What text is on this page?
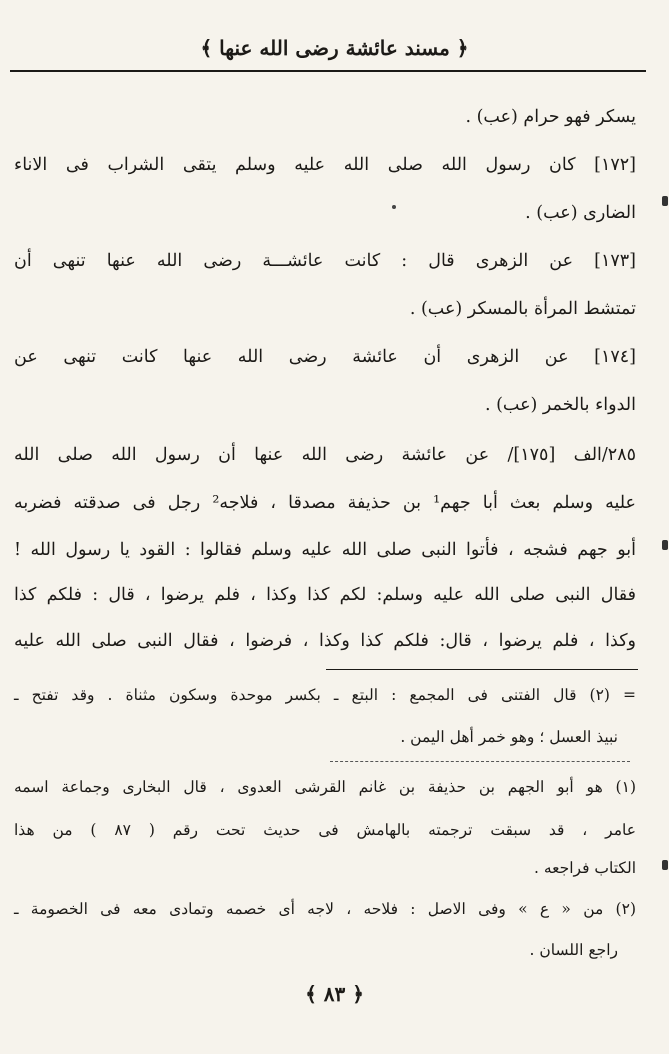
﴿ مسند عائشة رضى الله عنها ﴾
يسكر فهو حرام (عب) .
[١٧٢] كان رسول الله صلى الله عليه وسلم يتقى الشراب فى الاناء
الضارى (عب) .
[١٧٣] عن الزهرى قال : كانت عائشـــة رضى الله عنها تنهى أن
تمتشط المرأة بالمسكر (عب) .
[١٧٤] عن الزهرى أن عائشة رضى الله عنها كانت تنهى عن
الدواء بالخمر (عب) .
٢٨٥/الف [١٧٥]/ عن عائشة رضى الله عنها أن رسول الله صلى الله
عليه وسلم بعث أبا جهم¹ بن حذيفة مصدقا ، فلاجه² رجل فى صدقته فضربه
أبو جهم فشجه ، فأتوا النبى صلى الله عليه وسلم فقالوا : القود يا رسول الله !
فقال النبى صلى الله عليه وسلم: لكم كذا وكذا ، فلم يرضوا ، قال : فلكم كذا
وكذا ، فلم يرضوا ، قال: فلكم كذا وكذا ، فرضوا ، فقال النبى صلى الله عليه
= (٢) قال الفتنى فى المجمع : البتع ـ بكسر موحدة وسكون مثناة . وقد تفتح ـ
نبيذ العسل ؛ وهو خمر أهل اليمن .
(١) هو أبو الجهم بن حذيفة بن غانم القرشى العدوى ، قال البخارى وجماعة اسمه
عامر ، قد سبقت ترجمته بالهامش فى حديث تحت رقم ( ٨٧ ) من هذا
الكتاب فراجعه .
(٢) من « ع » وفى الاصل : فلاحه ، لاجه أى خصمه وتمادى معه فى الخصومة ـ
راجع اللسان .
﴿ ٨٣ ﴾
